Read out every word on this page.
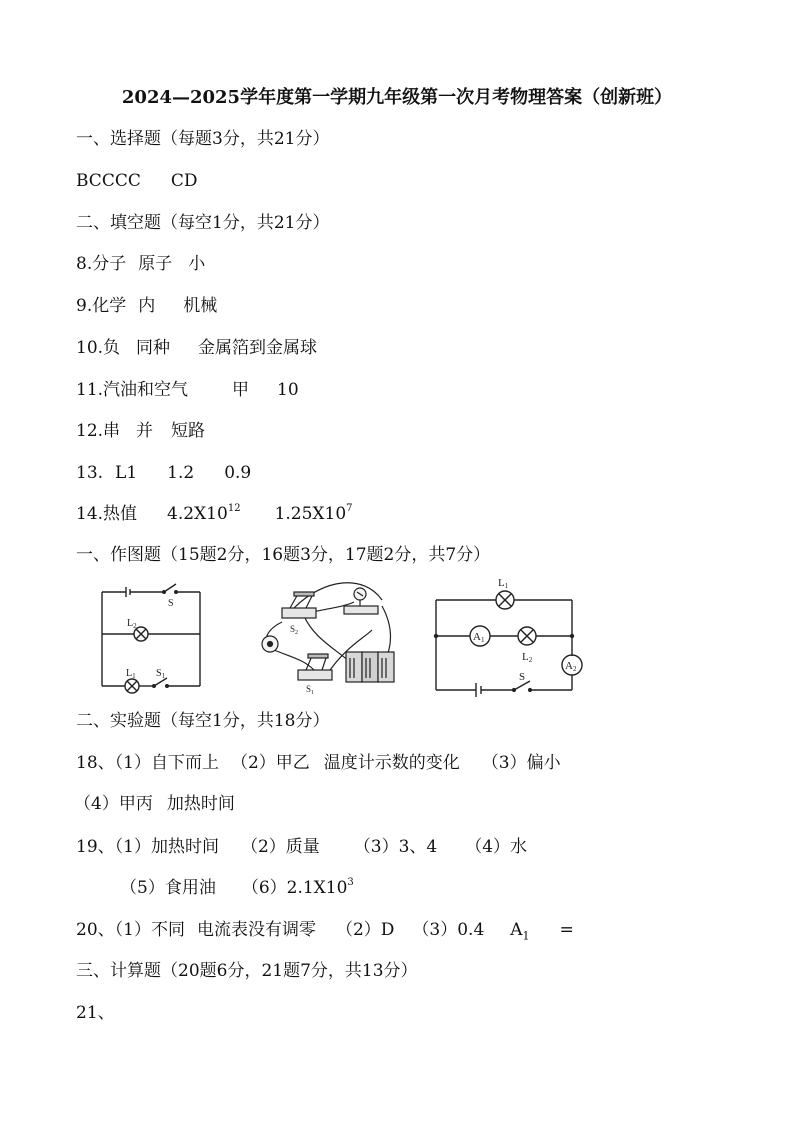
2024—2025学年度第一学期九年级第一次月考物理答案（创新班）
一、选择题（每题3分，共21分）
BCCCC CD
二、填空题（每空1分，共21分）
8.分子 原子 小
9.化学 内 机械
10.负 同种 金属箔到金属球
11.汽油和空气	甲 10
12.串 并 短路
13. L1 1.2 0.9
14.热值 $4.2X10^{12}$ $1.25X10^7$
一、作图题（15题2分，16题3分，17题2分，共7分）
S
$L_2$
$L_1$ $S_1$
$S_2$
$S_1$
L1
A1
L2	A2
S
二、实验题（每空1分，共18分）
18、（1）自下而上 （2）甲乙 温度计示数的变化 （3）偏小
（4）甲丙 加热时间
19、（1）加热时间 （2）质量 （3）3、4 （4）水
（5）食用油 $(6)2.1X10^3$
20、（1）不同 电流表没有调零 （2）D （3）0.4 $A_1$ =
三、计算题（20题6分，21题7分，共13分）
21、
